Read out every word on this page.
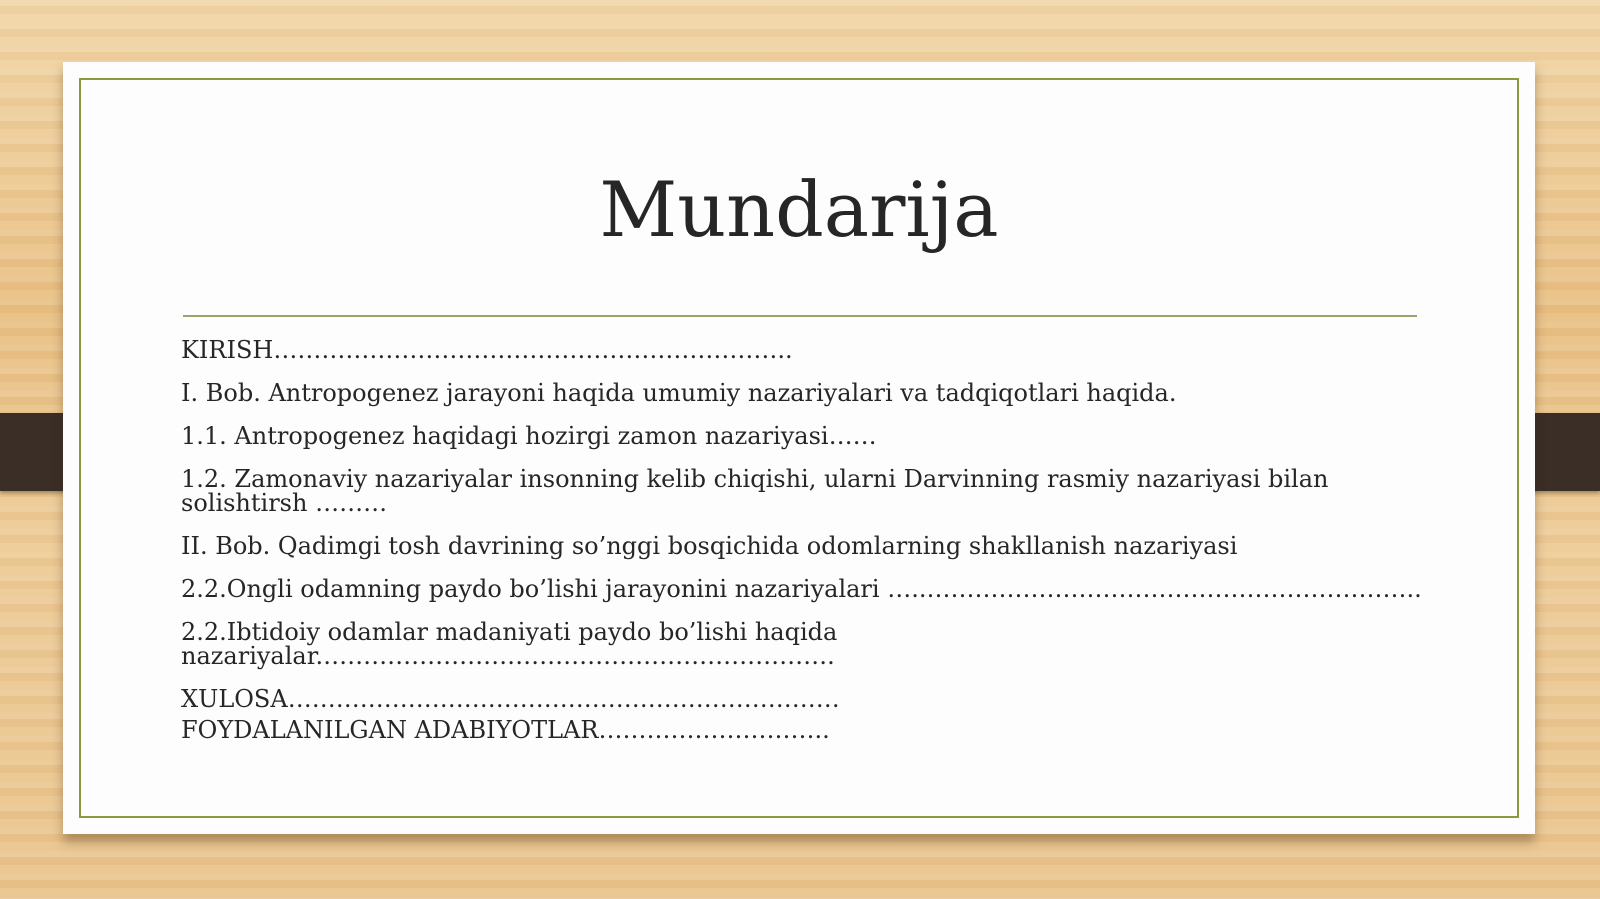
Mundarija
KIRISH………………………………………………………..
I. Bob. Antropogenez jarayoni haqida umumiy nazariyalari va tadqiqotlari haqida.
1.1. Antropogenez haqidagi hozirgi zamon nazariyasi……
1.2. Zamonaviy nazariyalar insonning kelib chiqishi, ularni Darvinning rasmiy nazariyasi bilan solishtirsh ………
II. Bob. Qadimgi tosh davrining so’nggi bosqichida odomlarning shakllanish nazariyasi
2.2.Ongli odamning paydo bo’lishi jarayonini nazariyalari …..……………………………………………………..
2.2.Ibtidoiy odamlar madaniyati paydo bo’lishi haqida nazariyalar.……………………………………………………….
XULOSA……………………………………………………………
FOYDALANILGAN ADABIYOTLAR………………………..
